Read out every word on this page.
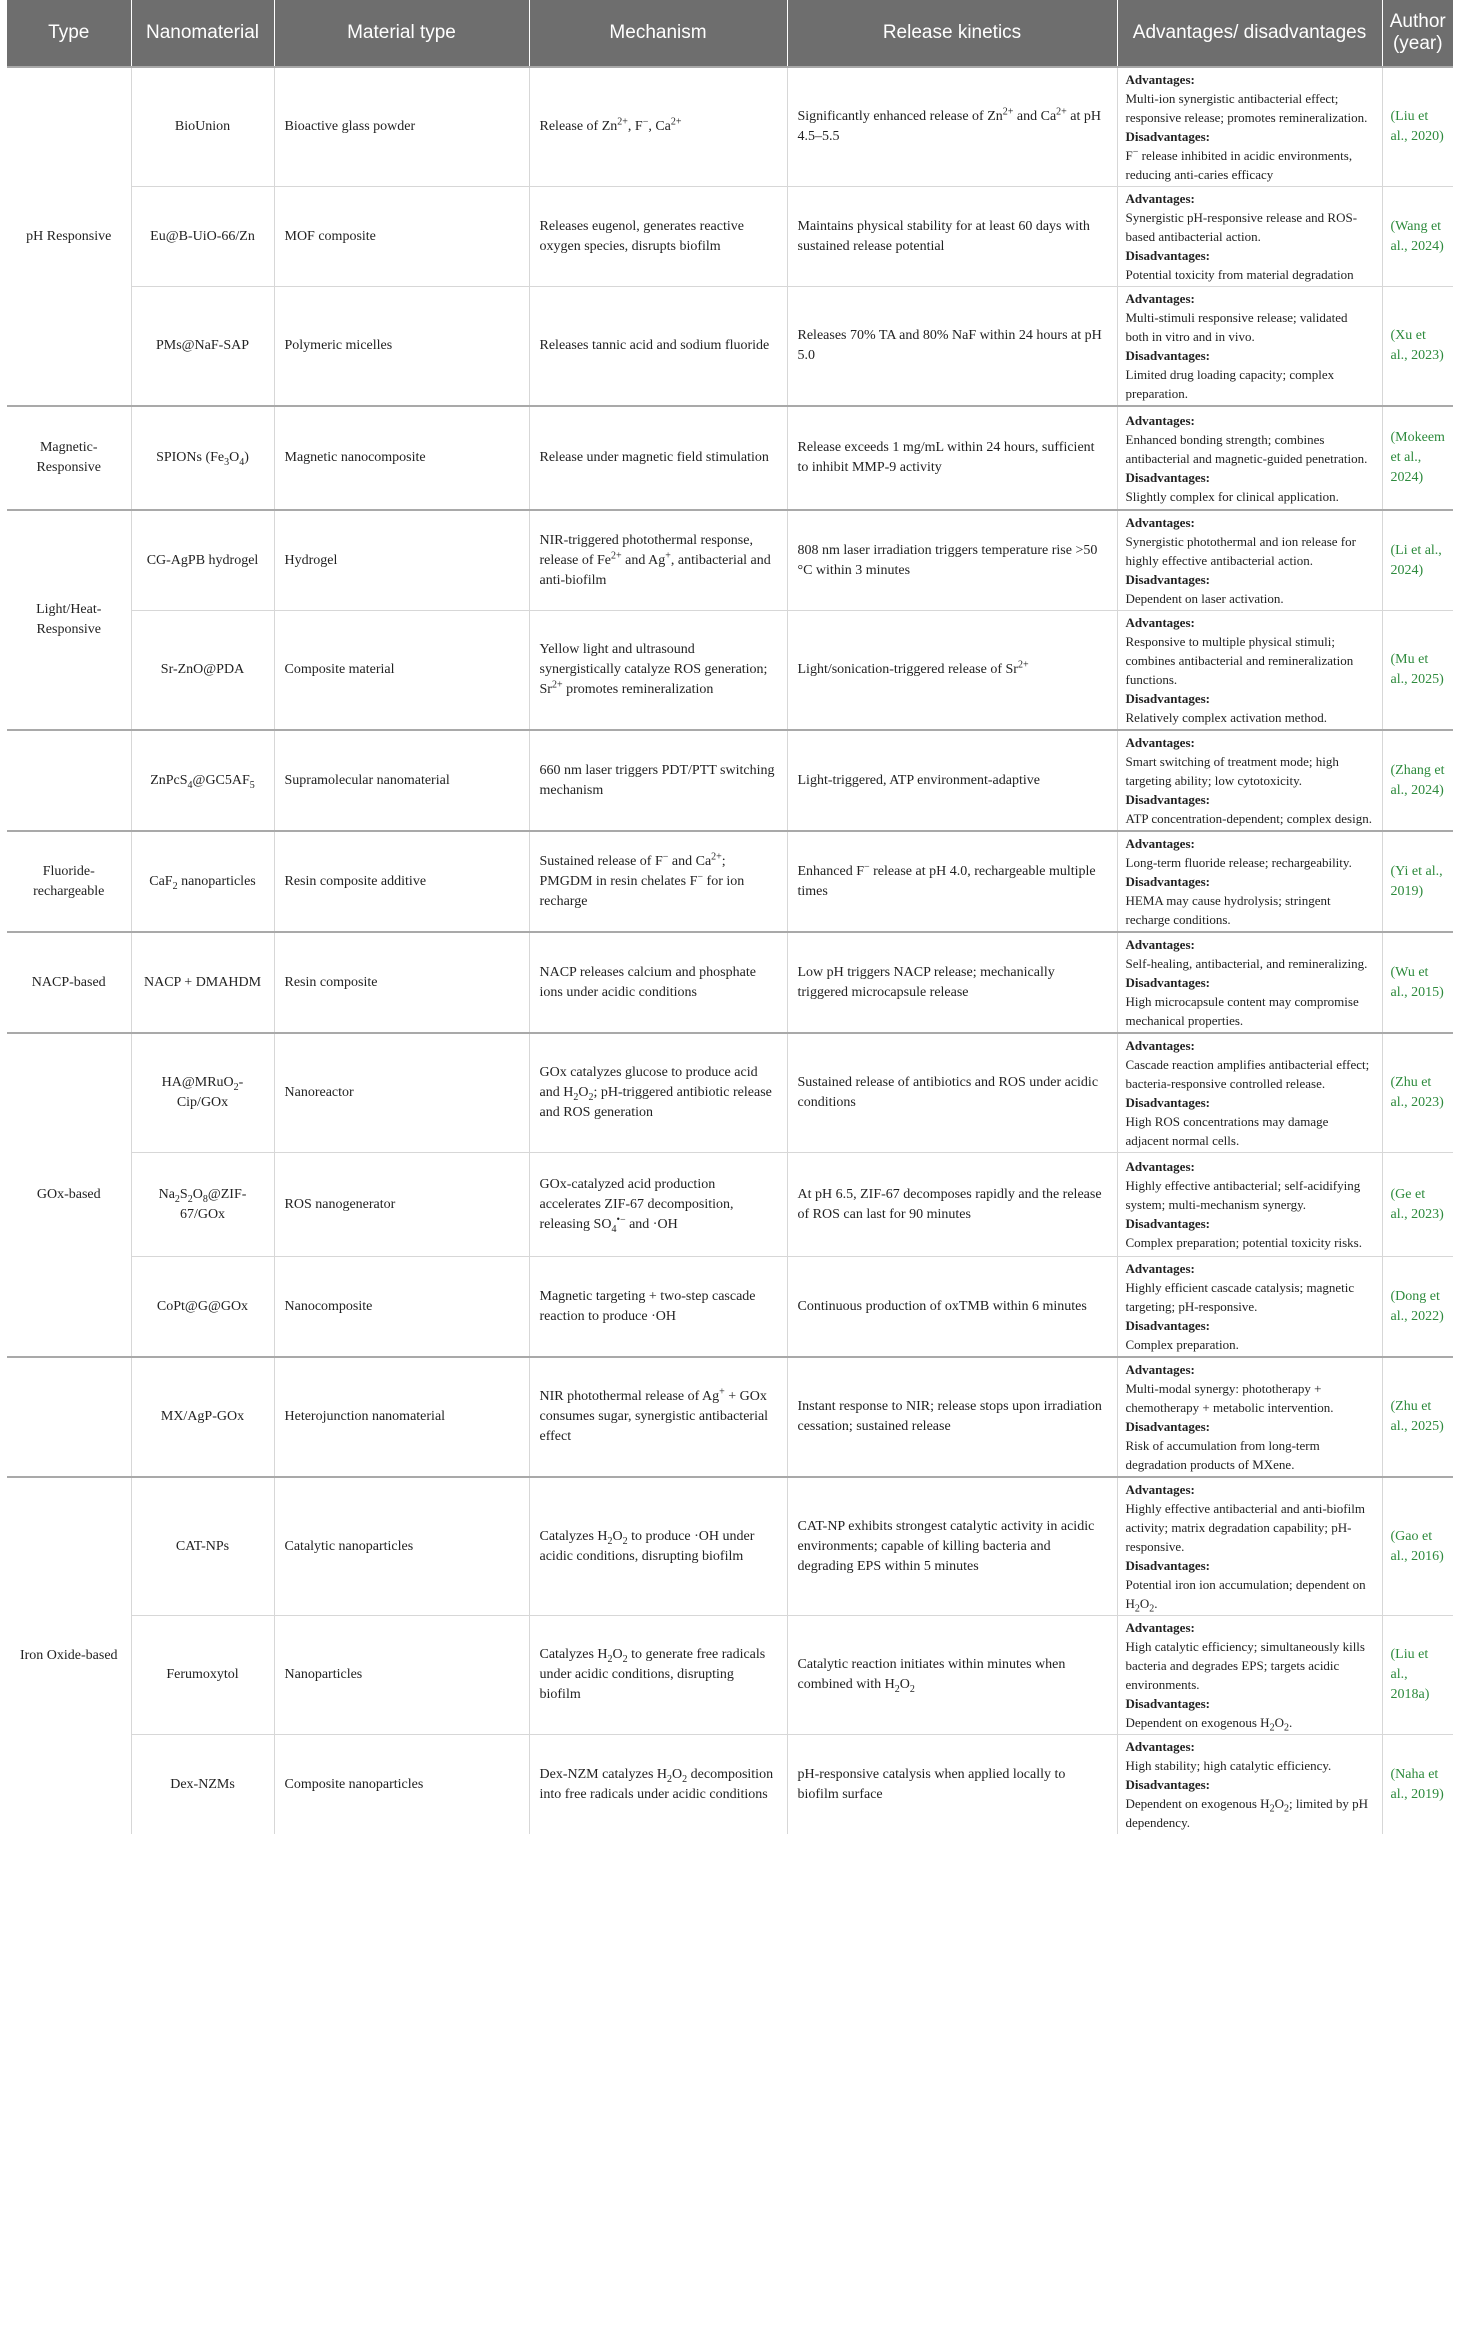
Type	Nanomaterial	Material type	Mechanism	Release kinetics	Advantages/ disadvantages	Author (year)
pH Responsive	BioUnion	Bioactive glass powder	Release of $Zn^{2+}$, F−, $Ca^{2+}$	Significantly enhanced release of $Zn^{2+}$ and $Ca^{2+}$ at pH 4.5–5.5	Advantages:
Multi-ion synergistic antibacterial effect; responsive release; promotes remineralization.
Disadvantages:
F− release inhibited in acidic environments, reducing anti-caries efficacy	(Liu et al., 2020)
	Eu@B-UiO-66/Zn	MOF composite	Releases eugenol, generates reactive oxygen species, disrupts biofilm	Maintains physical stability for at least 60 days with sustained release potential	Advantages:
Synergistic pH-responsive release and ROS-based antibacterial action.
Disadvantages:
Potential toxicity from material degradation	(Wang et al., 2024)
	PMs@NaF-SAP	Polymeric micelles	Releases tannic acid and sodium fluoride	Releases 70% TA and 80% NaF within 24 hours at pH 5.0	Advantages:
Multi-stimuli responsive release; validated both in vitro and in vivo.
Disadvantages:
Limited drug loading capacity; complex preparation.	(Xu et al., 2023)
Magnetic-Responsive	SPIONs $(Fe_3O_4)$	Magnetic nanocomposite	Release under magnetic field stimulation	Release exceeds 1 mg/mL within 24 hours, sufficient to inhibit MMP-9 activity	Advantages:
Enhanced bonding strength; combines antibacterial and magnetic-guided penetration.
Disadvantages:
Slightly complex for clinical application.	(Mokeem et al., 2024)
Light/Heat-Responsive	CG-AgPB hydrogel	Hydrogel	NIR-triggered photothermal response, release of $Fe^{2+}$ and Ag+, antibacterial and anti-biofilm	808 nm laser irradiation triggers temperature rise >50 °C within 3 minutes	Advantages:
Synergistic photothermal and ion release for highly effective antibacterial action.
Disadvantages:
Dependent on laser activation.	(Li et al., 2024)
	Sr-ZnO@PDA	Composite material	Yellow light and ultrasound synergistically catalyze ROS generation; $Sr^{2+}$ promotes remineralization	Light/sonication-triggered release of $Sr^{2+}$	Advantages:
Responsive to multiple physical stimuli; combines antibacterial and remineralization functions.
Disadvantages:
Relatively complex activation method.	(Mu et al., 2025)
	$ZnPcS_4@GC5AF_5$	Supramolecular nanomaterial	660 nm laser triggers PDT/PTT switching mechanism	Light-triggered, ATP environment-adaptive	Advantages:
Smart switching of treatment mode; high targeting ability; low cytotoxicity.
Disadvantages:
ATP concentration-dependent; complex design.	(Zhang et al., 2024)
Fluoride-rechargeable	CaF$_2$ nanoparticles	Resin composite additive	Sustained release of F− and $Ca^{2+}$; PMGDM in resin chelates F− for ion recharge	Enhanced F− release at pH 4.0, rechargeable multiple times	Advantages:
Long-term fluoride release; rechargeability.
Disadvantages:
HEMA may cause hydrolysis; stringent recharge conditions.	(Yi et al., 2019)
NACP-based	NACP + DMAHDM	Resin composite	NACP releases calcium and phosphate ions under acidic conditions	Low pH triggers NACP release; mechanically triggered microcapsule release	Advantages:
Self-healing, antibacterial, and remineralizing.
Disadvantages:
High microcapsule content may compromise mechanical properties.	(Wu et al., 2015)
GOx-based	HA@MRuO$_2$-Cip/GOx	Nanoreactor	GOx catalyzes glucose to produce acid and $H_2O_2$; pH-triggered antibiotic release and ROS generation	Sustained release of antibiotics and ROS under acidic conditions	Advantages:
Cascade reaction amplifies antibacterial effect; bacteria-responsive controlled release.
Disadvantages:
High ROS concentrations may damage adjacent normal cells.	(Zhu et al., 2023)
	$Na_2S_2O_8@ZIF-67$/GOx	ROS nanogenerator	GOx-catalyzed acid production accelerates ZIF-67 decomposition, releasing $SO_4^{•-}$ and ·OH	At pH 6.5, ZIF-67 decomposes rapidly and the release of ROS can last for 90 minutes	Advantages:
Highly effective antibacterial; self-acidifying system; multi-mechanism synergy.
Disadvantages:
Complex preparation; potential toxicity risks.	(Ge et al., 2023)
	CoPt@G@GOx	Nanocomposite	Magnetic targeting + two-step cascade reaction to produce ·OH	Continuous production of oxTMB within 6 minutes	Advantages:
Highly efficient cascade catalysis; magnetic targeting; pH-responsive.
Disadvantages:
Complex preparation.	(Dong et al., 2022)
	MX/AgP-GOx	Heterojunction nanomaterial	NIR photothermal release of Ag+ + GOx consumes sugar, synergistic antibacterial effect	Instant response to NIR; release stops upon irradiation cessation; sustained release	Advantages:
Multi-modal synergy: phototherapy + chemotherapy + metabolic intervention.
Disadvantages:
Risk of accumulation from long-term degradation products of MXene.	(Zhu et al., 2025)
Iron Oxide-based	CAT-NPs	Catalytic nanoparticles	Catalyzes $H_2O_2$ to produce ·OH under acidic conditions, disrupting biofilm	CAT-NP exhibits strongest catalytic activity in acidic environments; capable of killing bacteria and degrading EPS within 5 minutes	Advantages:
Highly effective antibacterial and anti-biofilm activity; matrix degradation capability; pH-responsive.
Disadvantages:
Potential iron ion accumulation; dependent on $H_2O_2$.	(Gao et al., 2016)
	Ferumoxytol	Nanoparticles	Catalyzes $H_2O_2$ to generate free radicals under acidic conditions, disrupting biofilm	Catalytic reaction initiates within minutes when combined with $H_2O_2$	Advantages:
High catalytic efficiency; simultaneously kills bacteria and degrades EPS; targets acidic environments.
Disadvantages:
Dependent on exogenous $H_2O_2$.	(Liu et al., 2018a)
	Dex-NZMs	Composite nanoparticles	Dex-NZM catalyzes $H_2O_2$ decomposition into free radicals under acidic conditions	pH-responsive catalysis when applied locally to biofilm surface	Advantages:
High stability; high catalytic efficiency.
Disadvantages:
Dependent on exogenous $H_2O_2$; limited by pH dependency.	(Naha et al., 2019)
